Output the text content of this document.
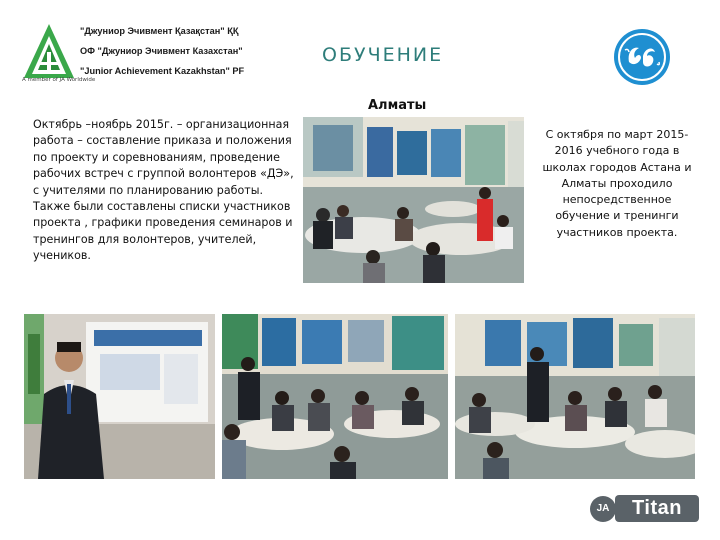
A member of JA Worldwide
"Джуниор Эчивмент Қазақстан" ҚҚ
ОФ "Джуниор Эчивмент Казахстан"
"Junior Achievement Kazakhstan" PF
ОБУЧЕНИЕ
Алматы
Октябрь –ноябрь 2015г. – организационная работа – составление приказа и положения по проекту и соревнованиям, проведение рабочих встреч с группой волонтеров «ДЭ», с учителями по планированию работы. Также были составлены списки участников проекта , графики проведения семинаров и тренингов для волонтеров, учителей, учеников.
С октября по март 2015-2016 учебного года в школах городов Астана и Алматы проходило непосредственное обучение и тренинги участников проекта.
Titan
JA
